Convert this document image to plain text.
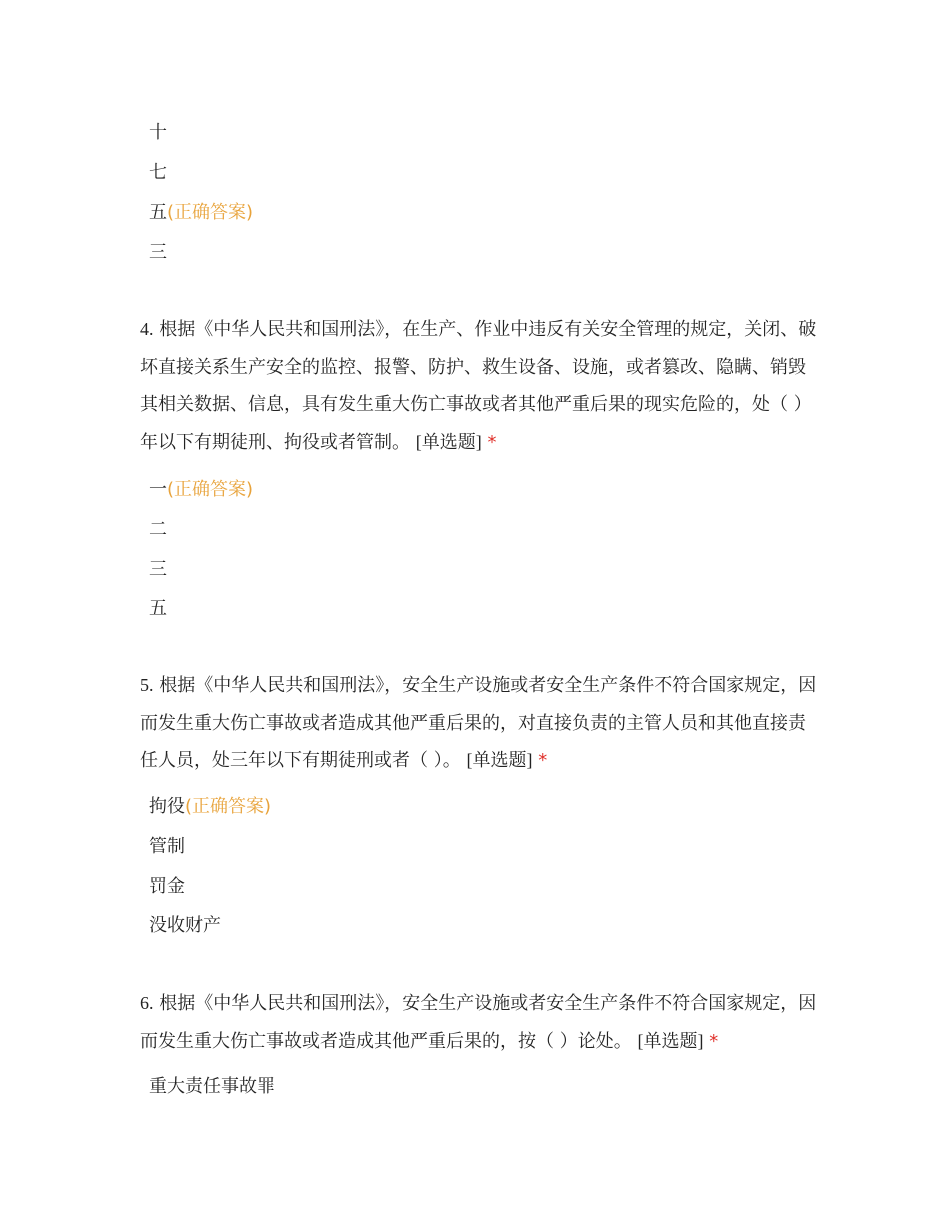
十
七
五(正确答案)
三

4. 根据《中华人民共和国刑法》，在生产、作业中违反有关安全管理的规定，关闭、破坏直接关系生产安全的监控、报警、防护、救生设备、设施，或者篡改、隐瞒、销毁其相关数据、信息，具有发生重大伤亡事故或者其他严重后果的现实危险的，处（ ）年以下有期徒刑、拘役或者管制。 [单选题] *

一(正确答案)
二
三
五

5. 根据《中华人民共和国刑法》，安全生产设施或者安全生产条件不符合国家规定，因而发生重大伤亡事故或者造成其他严重后果的，对直接负责的主管人员和其他直接责任人员，处三年以下有期徒刑或者（ ）。 [单选题] *

拘役(正确答案)
管制
罚金
没收财产

6. 根据《中华人民共和国刑法》，安全生产设施或者安全生产条件不符合国家规定，因而发生重大伤亡事故或者造成其他严重后果的，按（ ）论处。 [单选题] *

重大责任事故罪
